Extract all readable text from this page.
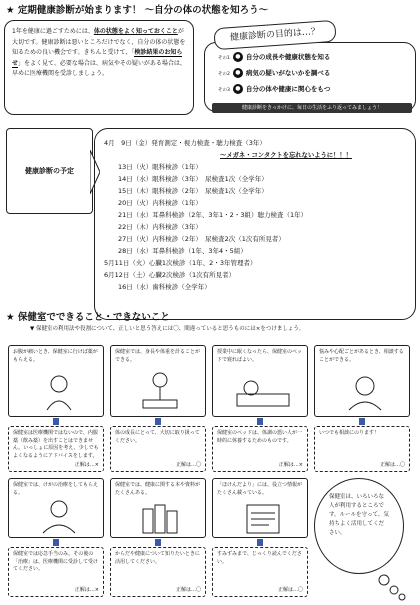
★ 定期健康診断が始まります！ ～自分の体の状態を知ろう～
1年を健康に過ごすためには、体の状態をよく知っておくことが大切です。健康診断は悪いところだけでなく、自分の体の状態を知るための良い機会です。きちんと受けて、「検診結果のお知らせ」をよく見て、必要な場合は、病気やその疑いがある場合は、早めに医療機関を受診しましょう。
健康診断の目的は…？
その1 ● 自分の成長や健康状態を知る
その2 ● 病気の疑いがないかを調べる
その3 ● 自分の体や健康に関心をもつ
健康診断をきっかけに、毎日の生活をふり返ってみましょう！
健康診断の予定
4月　9日（金）発育測定・視力検査・聴力検査（3年）
～メガネ・コンタクトを忘れないように！！！
13日（火）眼科検診（1年）
14日（水）眼科検診（3年）　尿検査1次（全学年）
15日（木）眼科検診（2年）　尿検査1次（全学年）
20日（火）内科検診（1年）
21日（水）耳鼻科検診（2年、3年1・2・3組）聴力検査（1年）
22日（木）内科検診（3年）
27日（火）内科検診（2年）　尿検査2次（1次有所見者）
28日（水）耳鼻科検診（1年、3年4・5組）
5月11日（火）心臓1次検診（1年、2・3年管理者）
6月12日（土）心臓2次検診（1次有所見者）
16日（水）歯科検診（全学年）
★ 保健室でできること・できないこと
▼ 保健室の利用法や役割について、正しいと思う答えには〇、間違っていると思うものには×をつけましょう。
お腹が痛いとき、保健室に行けば薬がもらえる。
保健室では、身長や体重を計ることができる。
授業中に眠くなったら、保健室のベッドで寝ればよい。
悩みや心配ごとがあるとき、相談することができる。
保健室は医療機関ではないので、内服薬（飲み薬）を出すことはできません。いっしょに原因を考え、少しでもよくなるようにアドバイスをします。
正解は…×
体の成長にとって、大切に取り扱ってください。
正解は…〇
保健室のベッドは、体調の悪い人が一時的に休養するためのものです。
正解は…×
いつでも相談にのります！
正解は…〇
保健室では、けがの治療をしてもらえる。
保健室では、健康に関する本や資料がたくさんある。
「ほけんだより」には、役立つ情報がたくさん載っている。
保健室では応急手当のみ。その後の「治療」は、医療機関に受診して受けてください。
正解は…×
からだや健康について知りたいときに活用してください。
正解は…〇
すみずみまで、じっくり読んでください。
正解は…〇
保健室は、いろいろな人が利用するところです。ルールを守って、気持ちよく活用してください。
